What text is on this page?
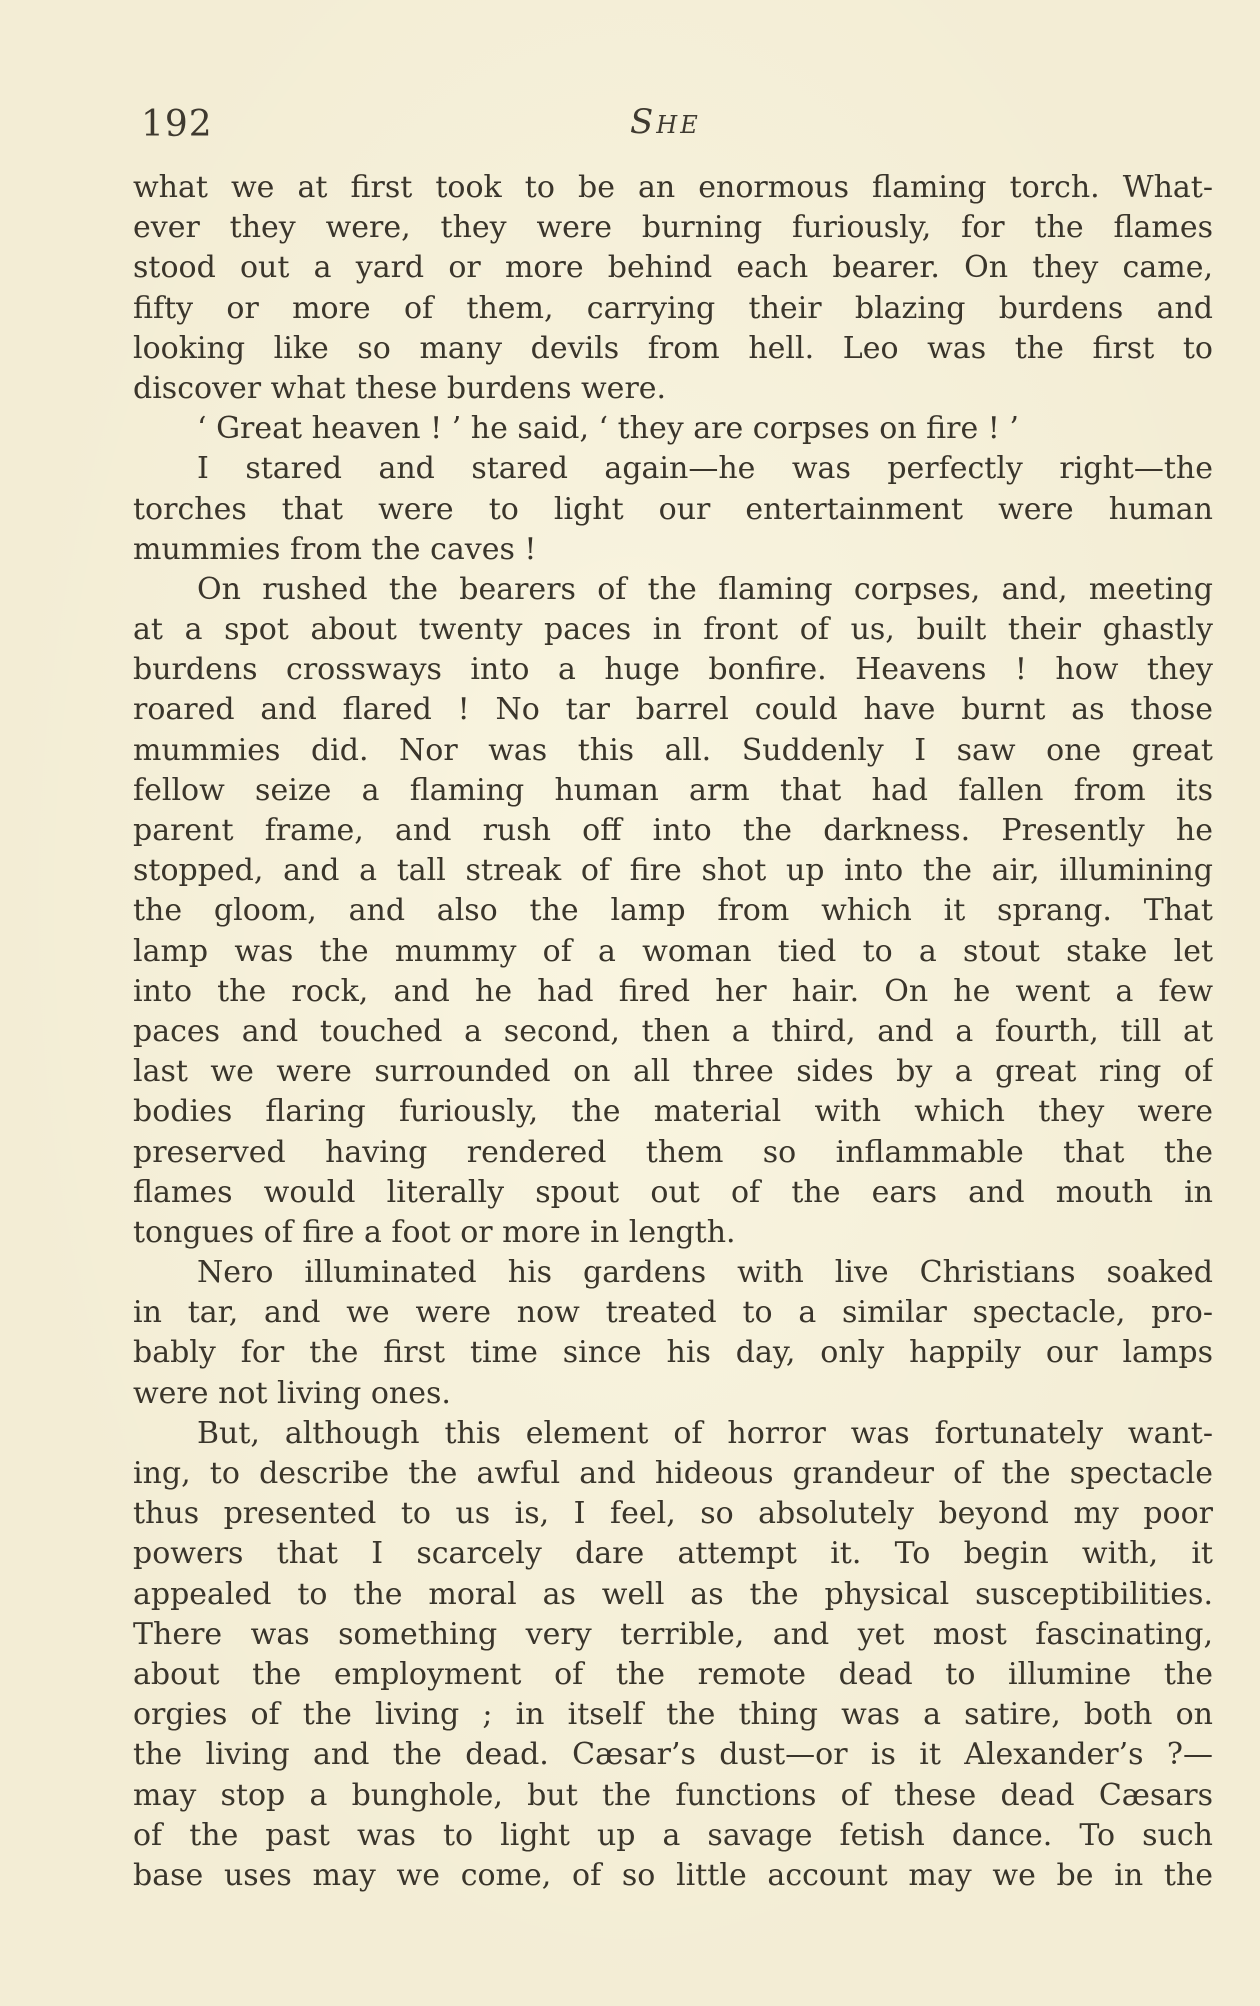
192	She
what we at first took to be an enormous flaming torch. What-
ever they were, they were burning furiously, for the flames
stood out a yard or more behind each bearer. On they came,
fifty or more of them, carrying their blazing burdens and
looking like so many devils from hell. Leo was the first to
discover what these burdens were.
‘ Great heaven ! ’ he said, ‘ they are corpses on fire ! ’
I stared and stared again—he was perfectly right—the
torches that were to light our entertainment were human
mummies from the caves !
On rushed the bearers of the flaming corpses, and, meeting
at a spot about twenty paces in front of us, built their ghastly
burdens crossways into a huge bonfire. Heavens ! how they
roared and flared ! No tar barrel could have burnt as those
mummies did. Nor was this all. Suddenly I saw one great
fellow seize a flaming human arm that had fallen from its
parent frame, and rush off into the darkness. Presently he
stopped, and a tall streak of fire shot up into the air, illumining
the gloom, and also the lamp from which it sprang. That
lamp was the mummy of a woman tied to a stout stake let
into the rock, and he had fired her hair. On he went a few
paces and touched a second, then a third, and a fourth, till at
last we were surrounded on all three sides by a great ring of
bodies flaring furiously, the material with which they were
preserved having rendered them so inflammable that the
flames would literally spout out of the ears and mouth in
tongues of fire a foot or more in length.
Nero illuminated his gardens with live Christians soaked
in tar, and we were now treated to a similar spectacle, pro-
bably for the first time since his day, only happily our lamps
were not living ones.
But, although this element of horror was fortunately want-
ing, to describe the awful and hideous grandeur of the spectacle
thus presented to us is, I feel, so absolutely beyond my poor
powers that I scarcely dare attempt it. To begin with, it
appealed to the moral as well as the physical susceptibilities.
There was something very terrible, and yet most fascinating,
about the employment of the remote dead to illumine the
orgies of the living ; in itself the thing was a satire, both on
the living and the dead. Cæsar’s dust—or is it Alexander’s ?—
may stop a bunghole, but the functions of these dead Cæsars
of the past was to light up a savage fetish dance. To such
base uses may we come, of so little account may we be in the
